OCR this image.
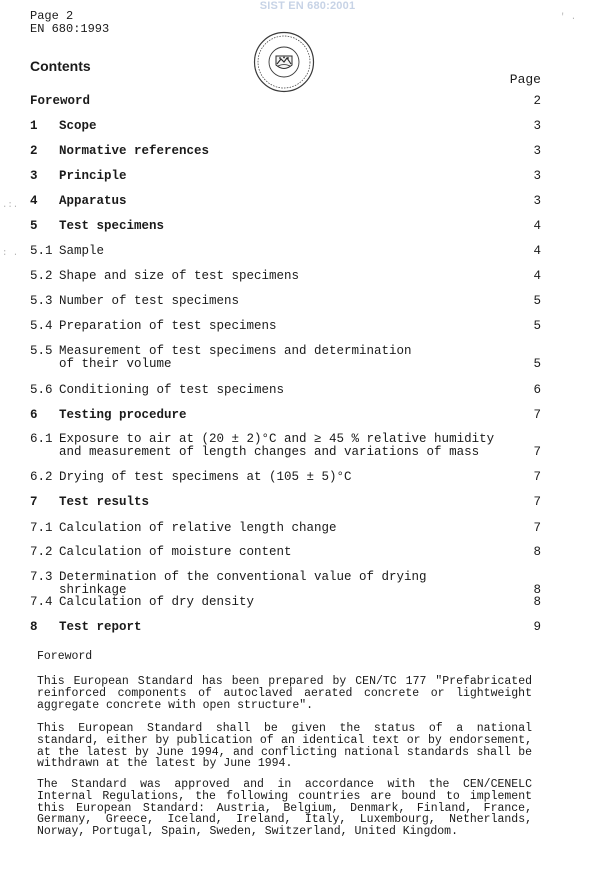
SIST EN 680:2001
Page 2
EN 680:1993
Contents
Page
Foreword	2
1 Scope	3
2 Normative references	3
3 Principle	3
4 Apparatus	3
5 Test specimens	4
5.1 Sample	4
5.2 Shape and size of test specimens	4
5.3 Number of test specimens	5
5.4 Preparation of test specimens	5
5.5 Measurement of test specimens and determination
of their volume	5
5.6 Conditioning of test specimens	6
6 Testing procedure	7
6.1 Exposure to air at (20 ± 2)°C and ≥ 45 % relative humidity
and measurement of length changes and variations of mass	7
6.2 Drying of test specimens at (105 ± 5)°C	7
7 Test results	7
7.1 Calculation of relative length change	7
7.2 Calculation of moisture content	8
7.3 Determination of the conventional value of drying shrinkage	8
7.4 Calculation of dry density	8
8 Test report	9
.:.
: .
' .
Foreword
This European Standard has been prepared by CEN/TC 177 "Prefabricated reinforced components of autoclaved aerated concrete or lightweight aggregate concrete with open structure".
This European Standard shall be given the status of a national standard, either by publication of an identical text or by endorsement, at the latest by June 1994, and conflicting national standards shall be withdrawn at the latest by June 1994.
The Standard was approved and in accordance with the CEN/CENELC Internal Regulations, the following countries are bound to implement this European Standard: Austria, Belgium, Denmark, Finland, France, Germany, Greece, Iceland, Ireland, Italy, Luxembourg, Netherlands, Norway, Portugal, Spain, Sweden, Switzerland, United Kingdom.
